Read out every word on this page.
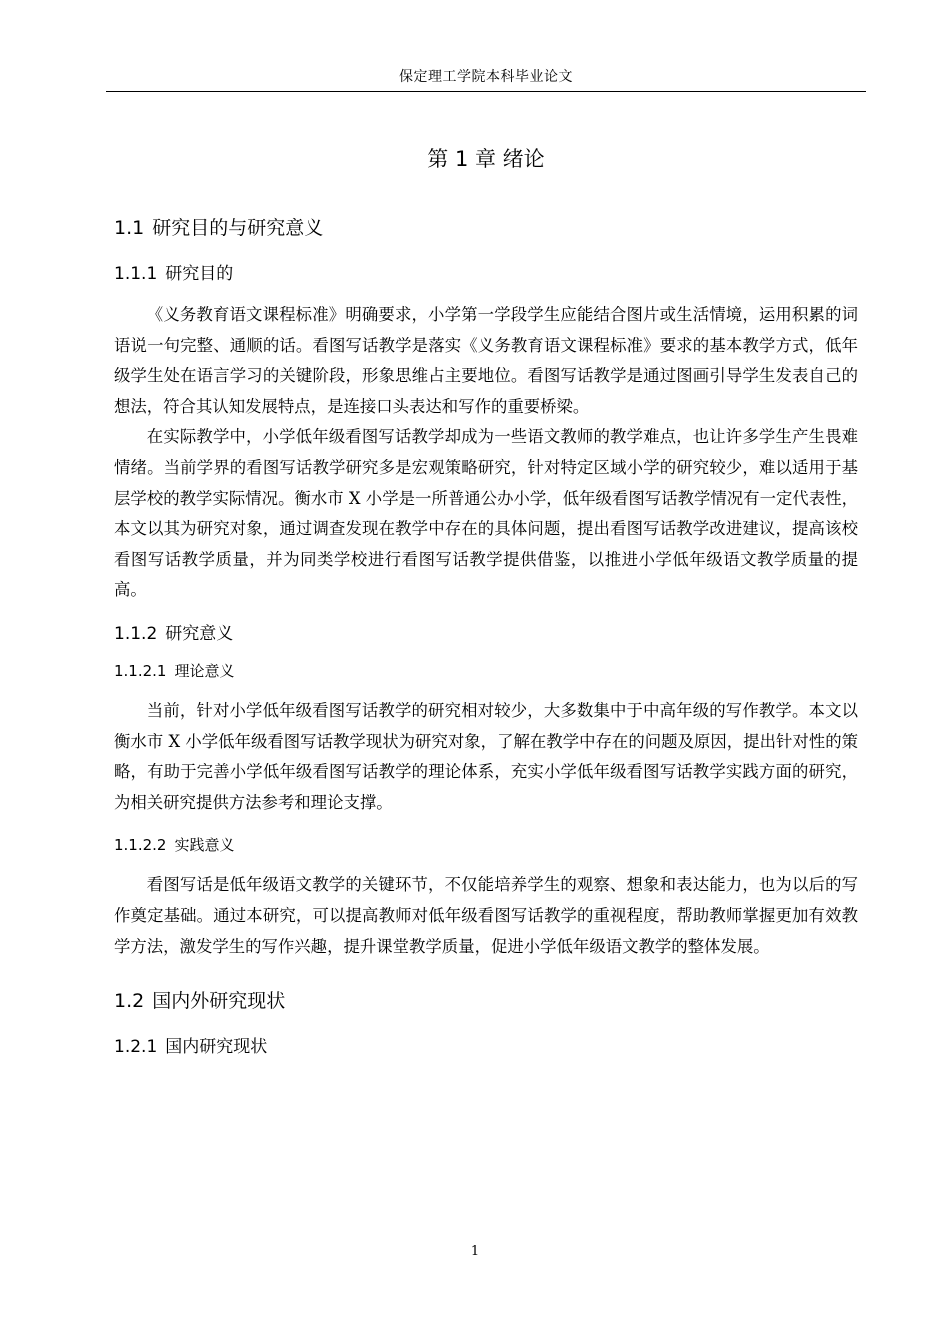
保定理工学院本科毕业论文
第 1 章 绪论
1.1 研究目的与研究意义
1.1.1 研究目的

《义务教育语文课程标准》明确要求，小学第一学段学生应能结合图片或生活情境，运用积累的词语说一句完整、通顺的话。看图写话教学是落实《义务教育语文课程标准》要求的基本教学方式，低年级学生处在语言学习的关键阶段，形象思维占主要地位。看图写话教学是通过图画引导学生发表自己的想法，符合其认知发展特点，是连接口头表达和写作的重要桥梁。

在实际教学中，小学低年级看图写话教学却成为一些语文教师的教学难点，也让许多学生产生畏难情绪。当前学界的看图写话教学研究多是宏观策略研究，针对特定区域小学的研究较少，难以适用于基层学校的教学实际情况。衡水市 X 小学是一所普通公办小学，低年级看图写话教学情况有一定代表性，本文以其为研究对象，通过调查发现在教学中存在的具体问题，提出看图写话教学改进建议，提高该校看图写话教学质量，并为同类学校进行看图写话教学提供借鉴，以推进小学低年级语文教学质量的提高。

1.1.2 研究意义
1.1.2.1 理论意义

当前，针对小学低年级看图写话教学的研究相对较少，大多数集中于中高年级的写作教学。本文以衡水市 X 小学低年级看图写话教学现状为研究对象，了解在教学中存在的问题及原因，提出针对性的策略，有助于完善小学低年级看图写话教学的理论体系，充实小学低年级看图写话教学实践方面的研究，为相关研究提供方法参考和理论支撑。

1.1.2.2 实践意义

看图写话是低年级语文教学的关键环节，不仅能培养学生的观察、想象和表达能力，也为以后的写作奠定基础。通过本研究，可以提高教师对低年级看图写话教学的重视程度，帮助教师掌握更加有效教学方法，激发学生的写作兴趣，提升课堂教学质量，促进小学低年级语文教学的整体发展。

1.2 国内外研究现状
1.2.1 国内研究现状
1
